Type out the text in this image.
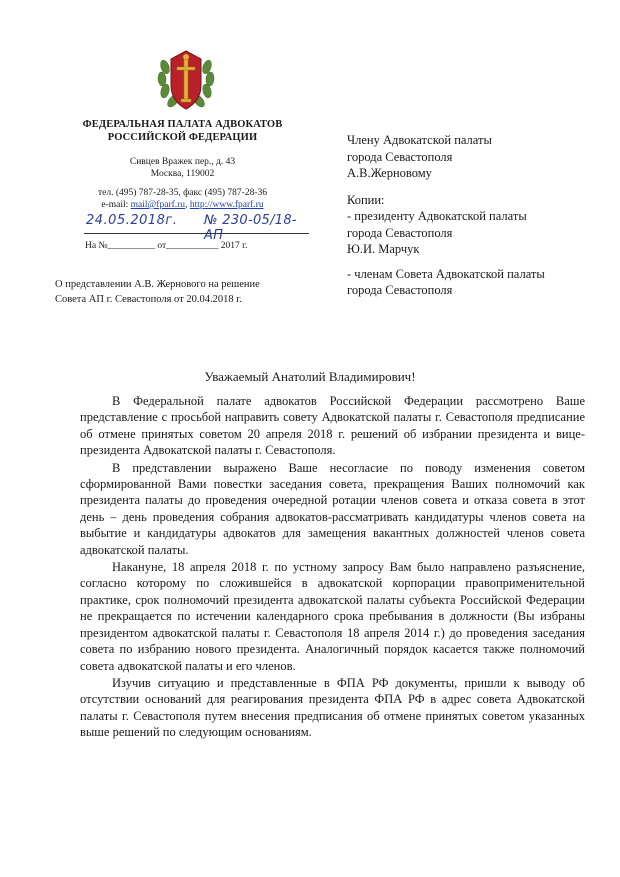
ФЕДЕРАЛЬНАЯ ПАЛАТА АДВОКАТОВ
РОССИЙСКОЙ ФЕДЕРАЦИИ
Сивцев Вражек пер., д. 43
Москва, 119002
тел. (495) 787-28-35, факс (495) 787-28-36
e-mail: mail@fparf.ru, http://www.fparf.ru
24.05.2018г. № 230-05/18-АП
На №__________ от___________ 2017 г.
О представлении А.В. Жернового на решение
Совета АП г. Севастополя от 20.04.2018 г.
Члену Адвокатской палаты
города Севастополя
А.В.Жерновому
Копии:
- президенту Адвокатской палаты
города Севастополя
Ю.И. Марчук
- членам Совета Адвокатской палаты
города Севастополя
Уважаемый Анатолий Владимирович!

В Федеральной палате адвокатов Российской Федерации рассмотрено Ваше представление с просьбой направить совету Адвокатской палаты г. Севастополя предписание об отмене принятых советом 20 апреля 2018 г. решений об избрании президента и вице-президента Адвокатской палаты г. Севастополя.

В представлении выражено Ваше несогласие по поводу изменения советом сформированной Вами повестки заседания совета, прекращения Ваших полномочий как президента палаты до проведения очередной ротации членов совета и отказа совета в этот день – день проведения собрания адвокатов-рассматривать кандидатуры членов совета на выбытие и кандидатуры адвокатов для замещения вакантных должностей членов совета адвокатской палаты.

Накануне, 18 апреля 2018 г. по устному запросу Вам было направлено разъяснение, согласно которому по сложившейся в адвокатской корпорации правоприменительной практике, срок полномочий президента адвокатской палаты субъекта Российской Федерации не прекращается по истечении календарного срока пребывания в должности (Вы избраны президентом адвокатской палаты г. Севастополя 18 апреля 2014 г.) до проведения заседания совета по избранию нового президента. Аналогичный порядок касается также полномочий совета адвокатской палаты и его членов.

Изучив ситуацию и представленные в ФПА РФ документы, пришли к выводу об отсутствии оснований для реагирования президента ФПА РФ в адрес совета Адвокатской палаты г. Севастополя путем внесения предписания об отмене принятых советом указанных выше решений по следующим основаниям.
